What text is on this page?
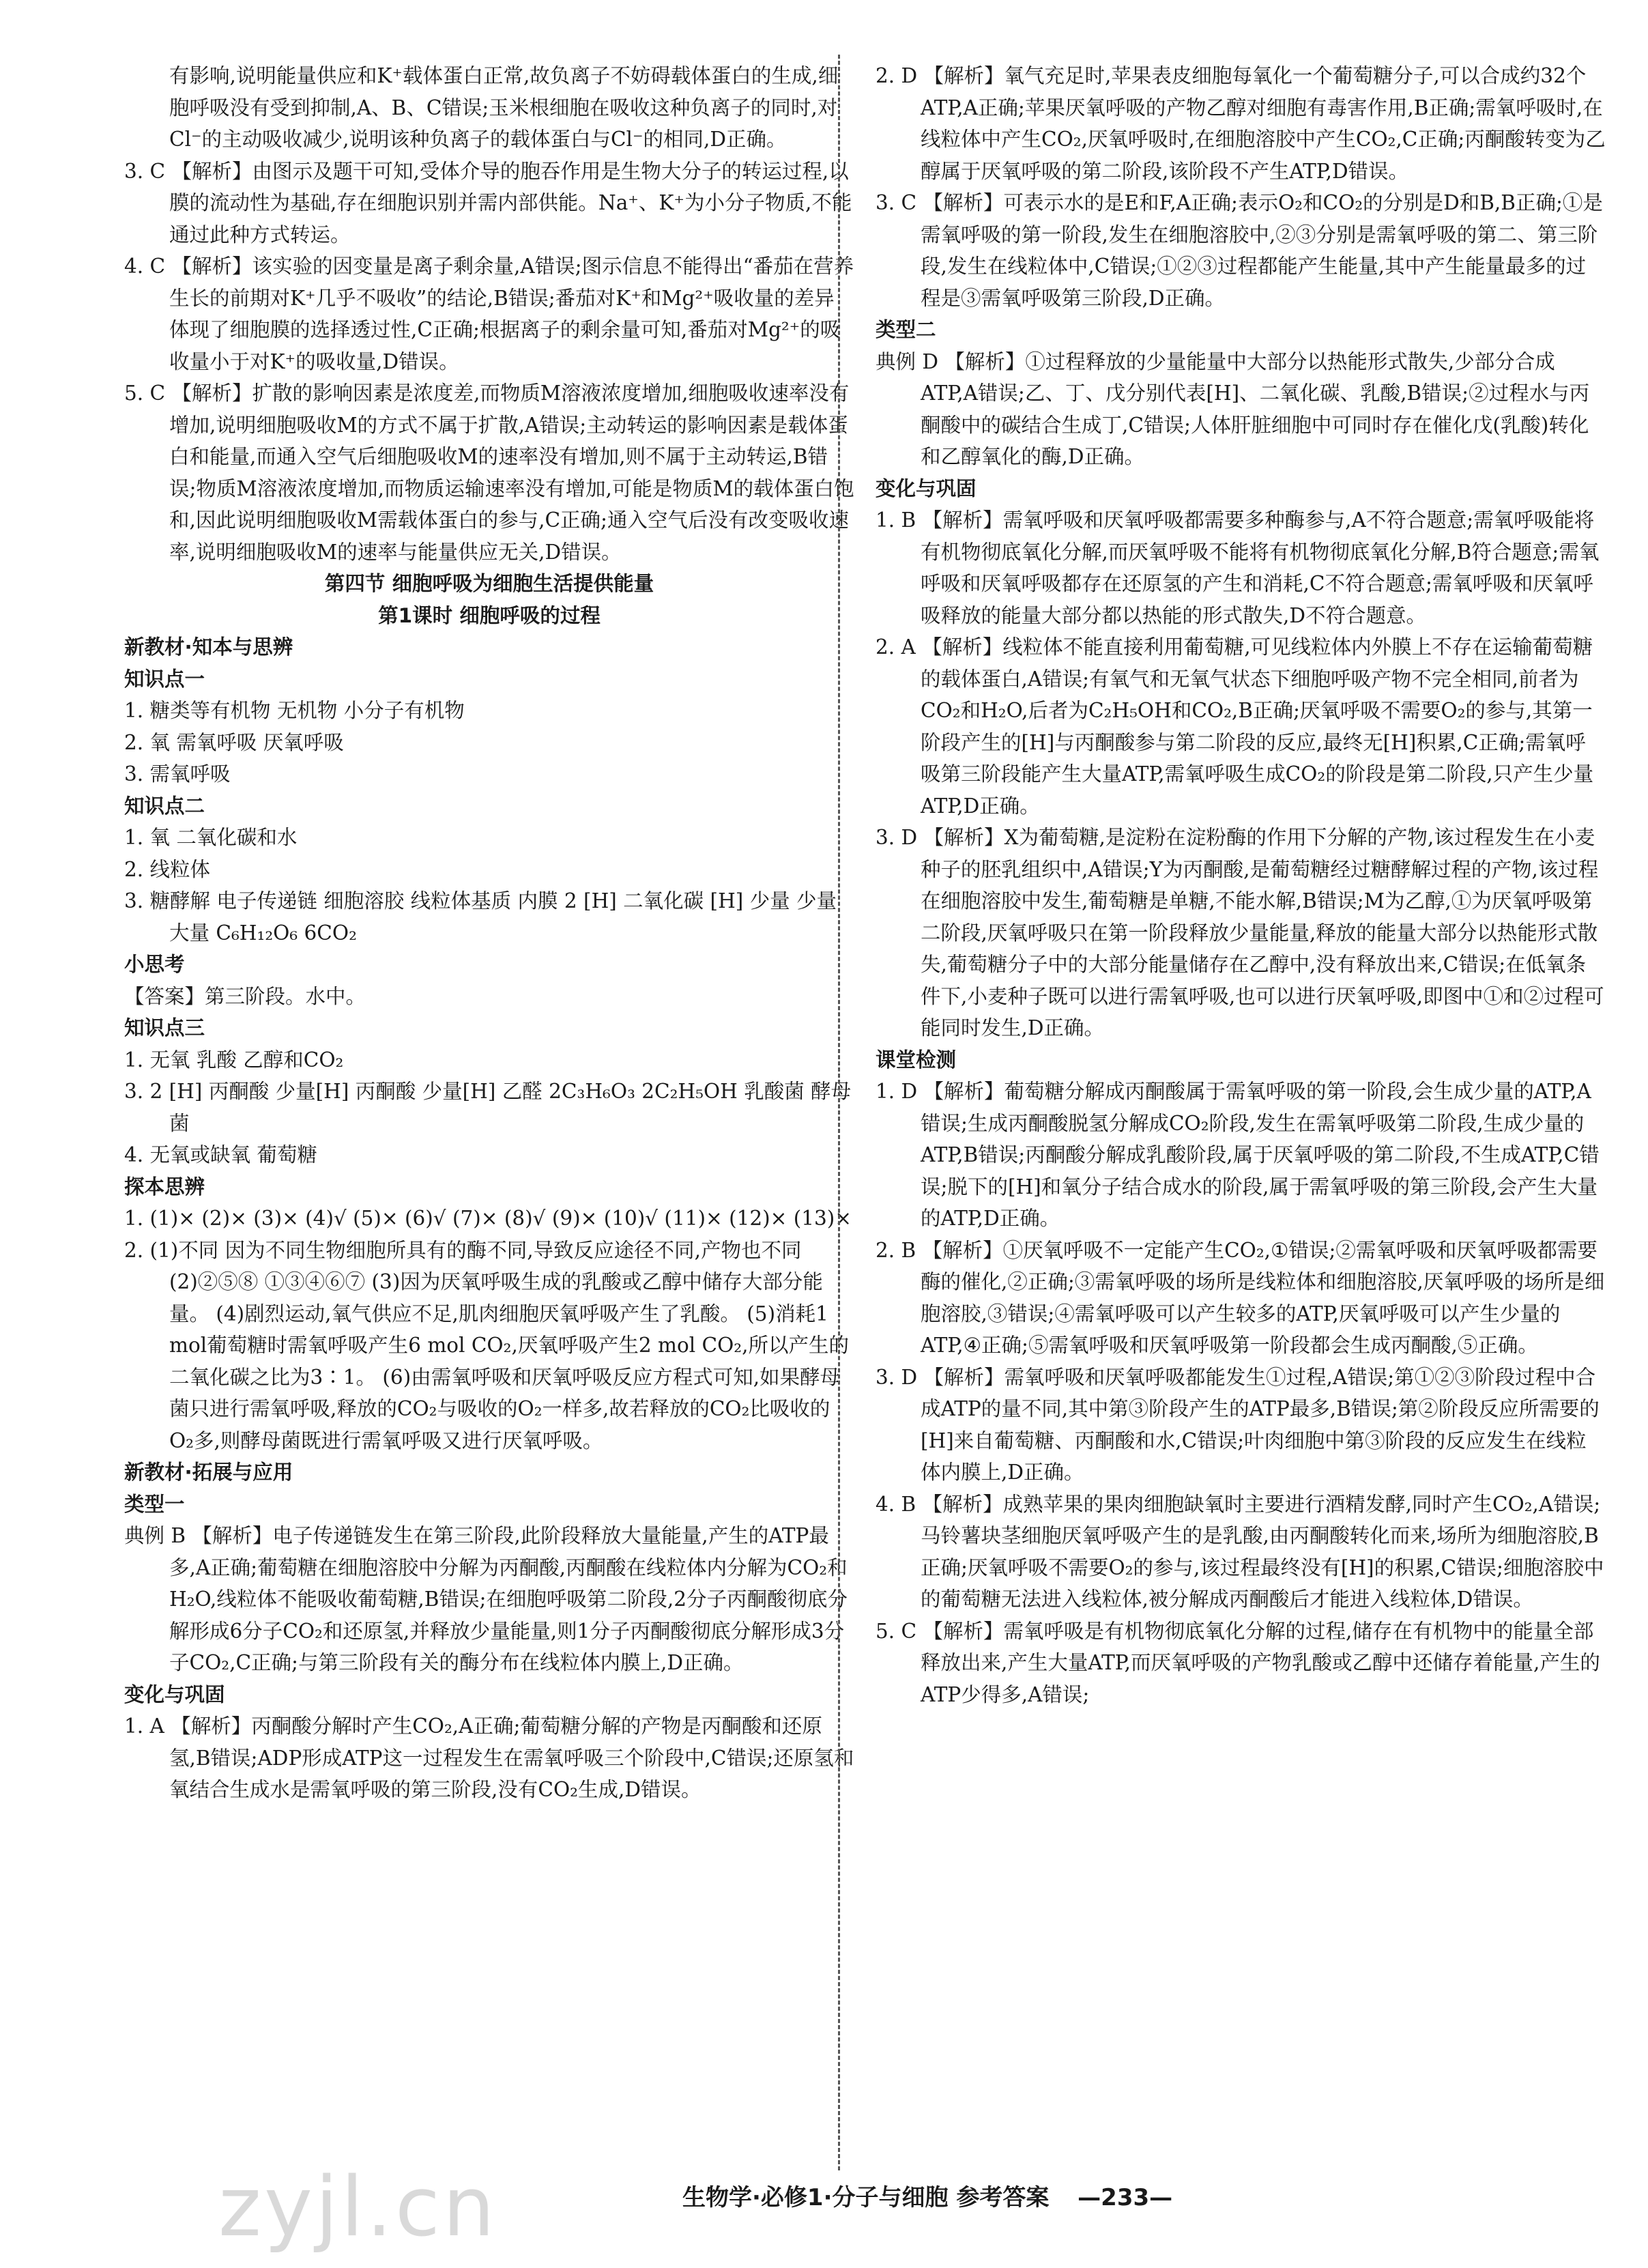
有影响,说明能量供应和K⁺载体蛋白正常,故负离子不妨碍载体蛋白的生成,细胞呼吸没有受到抑制,A、B、C错误;玉米根细胞在吸收这种负离子的同时,对Cl⁻的主动吸收减少,说明该种负离子的载体蛋白与Cl⁻的相同,D正确。

3. C 【解析】由图示及题干可知,受体介导的胞吞作用是生物大分子的转运过程,以膜的流动性为基础,存在细胞识别并需内部供能。Na⁺、K⁺为小分子物质,不能通过此种方式转运。

4. C 【解析】该实验的因变量是离子剩余量,A错误;图示信息不能得出“番茄在营养生长的前期对K⁺几乎不吸收”的结论,B错误;番茄对K⁺和Mg²⁺吸收量的差异体现了细胞膜的选择透过性,C正确;根据离子的剩余量可知,番茄对Mg²⁺的吸收量小于对K⁺的吸收量,D错误。

5. C 【解析】扩散的影响因素是浓度差,而物质M溶液浓度增加,细胞吸收速率没有增加,说明细胞吸收M的方式不属于扩散,A错误;主动转运的影响因素是载体蛋白和能量,而通入空气后细胞吸收M的速率没有增加,则不属于主动转运,B错误;物质M溶液浓度增加,而物质运输速率没有增加,可能是物质M的载体蛋白饱和,因此说明细胞吸收M需载体蛋白的参与,C正确;通入空气后没有改变吸收速率,说明细胞吸收M的速率与能量供应无关,D错误。

第四节 细胞呼吸为细胞生活提供能量

第1课时 细胞呼吸的过程

新教材·知本与思辨

知识点一

1. 糖类等有机物 无机物 小分子有机物

2. 氧 需氧呼吸 厌氧呼吸

3. 需氧呼吸

知识点二

1. 氧 二氧化碳和水

2. 线粒体

3. 糖酵解 电子传递链 细胞溶胶 线粒体基质 内膜 2 [H] 二氧化碳 [H] 少量 少量 大量 C₆H₁₂O₆ 6CO₂

小思考

【答案】第三阶段。水中。

知识点三

1. 无氧 乳酸 乙醇和CO₂

3. 2 [H] 丙酮酸 少量[H] 丙酮酸 少量[H] 乙醛 2C₃H₆O₃ 2C₂H₅OH 乳酸菌 酵母菌

4. 无氧或缺氧 葡萄糖

探本思辨

1. (1)× (2)× (3)× (4)√ (5)× (6)√ (7)× (8)√ (9)× (10)√ (11)× (12)× (13)×

2. (1)不同 因为不同生物细胞所具有的酶不同,导致反应途径不同,产物也不同 (2)②⑤⑧ ①③④⑥⑦ (3)因为厌氧呼吸生成的乳酸或乙醇中储存大部分能量。 (4)剧烈运动,氧气供应不足,肌肉细胞厌氧呼吸产生了乳酸。 (5)消耗1 mol葡萄糖时需氧呼吸产生6 mol CO₂,厌氧呼吸产生2 mol CO₂,所以产生的二氧化碳之比为3∶1。 (6)由需氧呼吸和厌氧呼吸反应方程式可知,如果酵母菌只进行需氧呼吸,释放的CO₂与吸收的O₂一样多,故若释放的CO₂比吸收的O₂多,则酵母菌既进行需氧呼吸又进行厌氧呼吸。

新教材·拓展与应用

类型一

典例 B 【解析】电子传递链发生在第三阶段,此阶段释放大量能量,产生的ATP最多,A正确;葡萄糖在细胞溶胶中分解为丙酮酸,丙酮酸在线粒体内分解为CO₂和H₂O,线粒体不能吸收葡萄糖,B错误;在细胞呼吸第二阶段,2分子丙酮酸彻底分解形成6分子CO₂和还原氢,并释放少量能量,则1分子丙酮酸彻底分解形成3分子CO₂,C正确;与第三阶段有关的酶分布在线粒体内膜上,D正确。

变化与巩固

1. A 【解析】丙酮酸分解时产生CO₂,A正确;葡萄糖分解的产物是丙酮酸和还原氢,B错误;ADP形成ATP这一过程发生在需氧呼吸三个阶段中,C错误;还原氢和氧结合生成水是需氧呼吸的第三阶段,没有CO₂生成,D错误。

2. D 【解析】氧气充足时,苹果表皮细胞每氧化一个葡萄糖分子,可以合成约32个ATP,A正确;苹果厌氧呼吸的产物乙醇对细胞有毒害作用,B正确;需氧呼吸时,在线粒体中产生CO₂,厌氧呼吸时,在细胞溶胶中产生CO₂,C正确;丙酮酸转变为乙醇属于厌氧呼吸的第二阶段,该阶段不产生ATP,D错误。

3. C 【解析】可表示水的是E和F,A正确;表示O₂和CO₂的分别是D和B,B正确;①是需氧呼吸的第一阶段,发生在细胞溶胶中,②③分别是需氧呼吸的第二、第三阶段,发生在线粒体中,C错误;①②③过程都能产生能量,其中产生能量最多的过程是③需氧呼吸第三阶段,D正确。

类型二

典例 D 【解析】①过程释放的少量能量中大部分以热能形式散失,少部分合成ATP,A错误;乙、丁、戊分别代表[H]、二氧化碳、乳酸,B错误;②过程水与丙酮酸中的碳结合生成丁,C错误;人体肝脏细胞中可同时存在催化戊(乳酸)转化和乙醇氧化的酶,D正确。

变化与巩固

1. B 【解析】需氧呼吸和厌氧呼吸都需要多种酶参与,A不符合题意;需氧呼吸能将有机物彻底氧化分解,而厌氧呼吸不能将有机物彻底氧化分解,B符合题意;需氧呼吸和厌氧呼吸都存在还原氢的产生和消耗,C不符合题意;需氧呼吸和厌氧呼吸释放的能量大部分都以热能的形式散失,D不符合题意。

2. A 【解析】线粒体不能直接利用葡萄糖,可见线粒体内外膜上不存在运输葡萄糖的载体蛋白,A错误;有氧气和无氧气状态下细胞呼吸产物不完全相同,前者为CO₂和H₂O,后者为C₂H₅OH和CO₂,B正确;厌氧呼吸不需要O₂的参与,其第一阶段产生的[H]与丙酮酸参与第二阶段的反应,最终无[H]积累,C正确;需氧呼吸第三阶段能产生大量ATP,需氧呼吸生成CO₂的阶段是第二阶段,只产生少量ATP,D正确。

3. D 【解析】X为葡萄糖,是淀粉在淀粉酶的作用下分解的产物,该过程发生在小麦种子的胚乳组织中,A错误;Y为丙酮酸,是葡萄糖经过糖酵解过程的产物,该过程在细胞溶胶中发生,葡萄糖是单糖,不能水解,B错误;M为乙醇,①为厌氧呼吸第二阶段,厌氧呼吸只在第一阶段释放少量能量,释放的能量大部分以热能形式散失,葡萄糖分子中的大部分能量储存在乙醇中,没有释放出来,C错误;在低氧条件下,小麦种子既可以进行需氧呼吸,也可以进行厌氧呼吸,即图中①和②过程可能同时发生,D正确。

课堂检测

1. D 【解析】葡萄糖分解成丙酮酸属于需氧呼吸的第一阶段,会生成少量的ATP,A错误;生成丙酮酸脱氢分解成CO₂阶段,发生在需氧呼吸第二阶段,生成少量的ATP,B错误;丙酮酸分解成乳酸阶段,属于厌氧呼吸的第二阶段,不生成ATP,C错误;脱下的[H]和氧分子结合成水的阶段,属于需氧呼吸的第三阶段,会产生大量的ATP,D正确。

2. B 【解析】①厌氧呼吸不一定能产生CO₂,①错误;②需氧呼吸和厌氧呼吸都需要酶的催化,②正确;③需氧呼吸的场所是线粒体和细胞溶胶,厌氧呼吸的场所是细胞溶胶,③错误;④需氧呼吸可以产生较多的ATP,厌氧呼吸可以产生少量的ATP,④正确;⑤需氧呼吸和厌氧呼吸第一阶段都会生成丙酮酸,⑤正确。

3. D 【解析】需氧呼吸和厌氧呼吸都能发生①过程,A错误;第①②③阶段过程中合成ATP的量不同,其中第③阶段产生的ATP最多,B错误;第②阶段反应所需要的[H]来自葡萄糖、丙酮酸和水,C错误;叶肉细胞中第③阶段的反应发生在线粒体内膜上,D正确。

4. B 【解析】成熟苹果的果肉细胞缺氧时主要进行酒精发酵,同时产生CO₂,A错误;马铃薯块茎细胞厌氧呼吸产生的是乳酸,由丙酮酸转化而来,场所为细胞溶胶,B正确;厌氧呼吸不需要O₂的参与,该过程最终没有[H]的积累,C错误;细胞溶胶中的葡萄糖无法进入线粒体,被分解成丙酮酸后才能进入线粒体,D错误。

5. C 【解析】需氧呼吸是有机物彻底氧化分解的过程,储存在有机物中的能量全部释放出来,产生大量ATP,而厌氧呼吸的产物乳酸或乙醇中还储存着能量,产生的ATP少得多,A错误;

zyjl.cn	生物学·必修1·分子与细胞 参考答案 —233—
